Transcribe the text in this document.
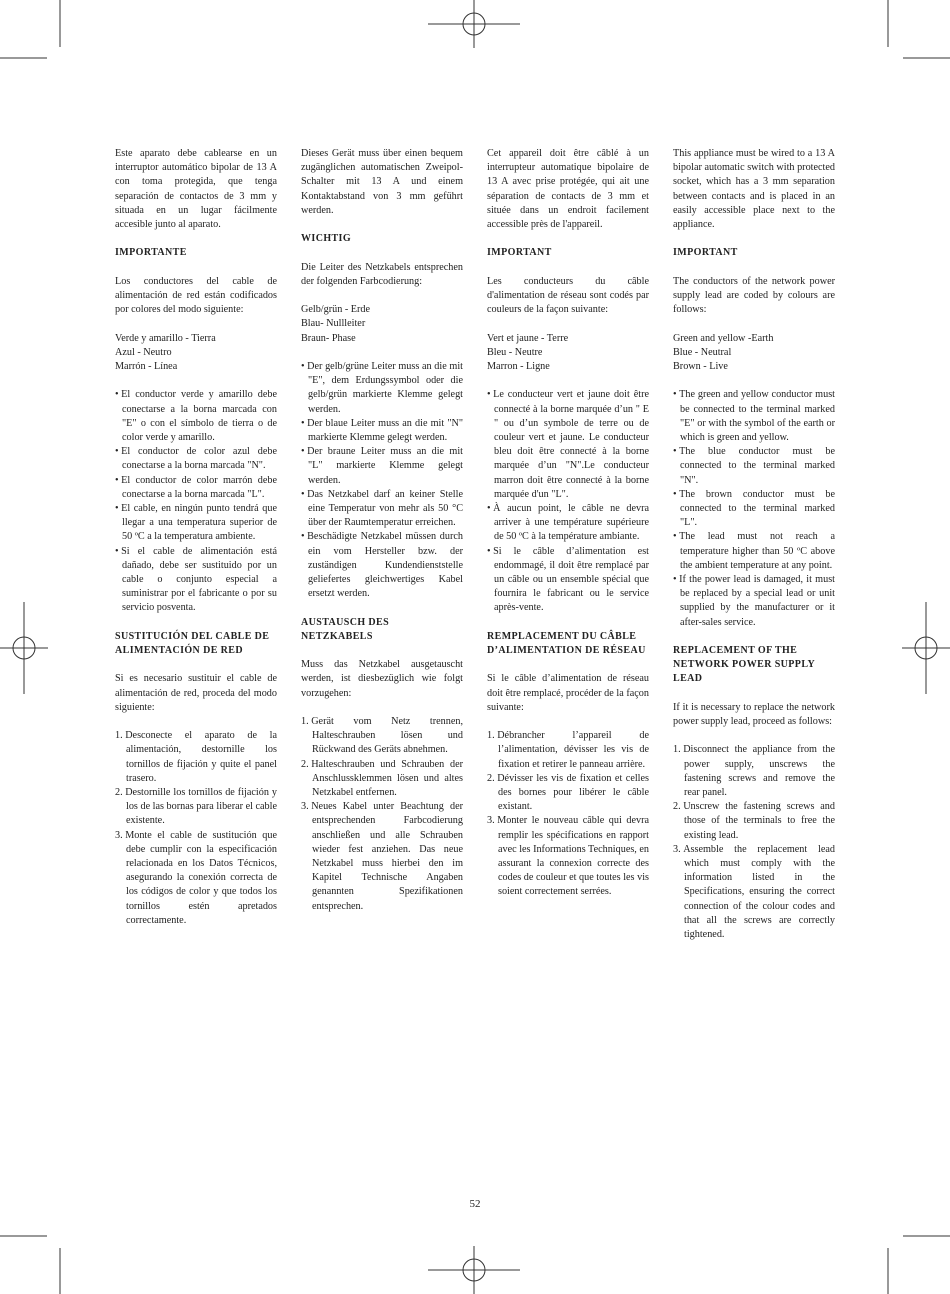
Este aparato debe cablearse en un interruptor automático bipolar de 13 A con toma protegida, que tenga separación de contactos de 3 mm y situada en un lugar fácilmente accesible junto al aparato.

IMPORTANTE

Los conductores del cable de alimentación de red están codificados por colores del modo siguiente:

Verde y amarillo - Tierra

Azul - Neutro

Marrón - Línea

• El conductor verde y amarillo debe conectarse a la borna marcada con "E" o con el símbolo de tierra o de color verde y amarillo.
• El conductor de color azul debe conectarse a la borna marcada "N".
• El conductor de color marrón debe conectarse a la borna marcada "L".
• El cable, en ningún punto tendrá que llegar a una temperatura superior de 50 ºC a la temperatura ambiente.
• Si el cable de alimentación está dañado, debe ser sustituido por un cable o conjunto especial a suministrar por el fabricante o por su servicio posventa.
SUSTITUCIÓN DEL CABLE DE ALIMENTACIÓN DE RED

Si es necesario sustituir el cable de alimentación de red, proceda del modo siguiente:

1. Desconecte el aparato de la alimentación, destornille los tornillos de fijación y quite el panel trasero.
2. Destornille los tornillos de fijación y los de las bornas para liberar el cable existente.
3. Monte el cable de sustitución que debe cumplir con la especificación relacionada en los Datos Técnicos, asegurando la conexión correcta de los códigos de color y que todos los tornillos estén apretados correctamente.

Dieses Gerät muss über einen bequem zugänglichen automatischen Zweipol-Schalter mit 13 A und einem Kontaktabstand von 3 mm geführt werden.

WICHTIG

Die Leiter des Netzkabels entsprechen der folgenden Farbcodierung:

Gelb/grün - Erde

Blau- Nullleiter

Braun- Phase

• Der gelb/grüne Leiter muss an die mit "E", dem Erdungssymbol oder die gelb/grün markierte Klemme gelegt werden.
• Der blaue Leiter muss an die mit "N" markierte Klemme gelegt werden.
• Der braune Leiter muss an die mit "L" markierte Klemme gelegt werden.
• Das Netzkabel darf an keiner Stelle eine Temperatur von mehr als 50 °C über der Raumtemperatur erreichen.
• Beschädigte Netzkabel müssen durch ein vom Hersteller bzw. der zuständigen Kundendienststelle geliefertes gleichwertiges Kabel ersetzt werden.
AUSTAUSCH DES NETZKABELS

Muss das Netzkabel ausgetauscht werden, ist diesbezüglich wie folgt vorzugehen:

1. Gerät vom Netz trennen, Halteschrauben lösen und Rückwand des Geräts abnehmen.
2. Halteschrauben und Schrauben der Anschlussklemmen lösen und altes Netzkabel entfernen.
3. Neues Kabel unter Beachtung der entsprechenden Farbcodierung anschließen und alle Schrauben wieder fest anziehen. Das neue Netzkabel muss hierbei den im Kapitel Technische Angaben genannten Spezifikationen entsprechen.

Cet appareil doit être câblé à un interrupteur automatique bipolaire de 13 A avec prise protégée, qui ait une séparation de contacts de 3 mm et située dans un endroit facilement accessible près de l'appareil.

IMPORTANT

Les conducteurs du câble d'alimentation de réseau sont codés par couleurs de la façon suivante:

Vert et jaune - Terre

Bleu - Neutre

Marron - Ligne

• Le conducteur vert et jaune doit être connecté à la borne marquée d’un " E " ou d’un symbole de terre ou de couleur vert et jaune. Le conducteur bleu doit être connecté à la borne marquée d’un "N".Le conducteur marron doit être connecté à la borne marquée d'un "L".
• À aucun point, le câble ne devra arriver à une température supérieure de 50 ºC à la température ambiante.
• Si le câble d’alimentation est endommagé, il doit être remplacé par un câble ou un ensemble spécial que fournira le fabricant ou le service après-vente.
REMPLACEMENT DU CÂBLE D’ALIMENTATION DE RÉSEAU

Si le câble d’alimentation de réseau doit être remplacé, procéder de la façon suivante:

1. Débrancher l’appareil de l’alimentation, dévisser les vis de fixation et retirer le panneau arrière.
2. Dévisser les vis de fixation et celles des bornes pour libérer le câble existant.
3. Monter le nouveau câble qui devra remplir les spécifications en rapport avec les Informations Techniques, en assurant la connexion correcte des codes de couleur et que toutes les vis soient correctement serrées.

This appliance must be wired to a 13 A bipolar automatic switch with protected socket, which has a 3 mm separation between contacts and is placed in an easily accessible place next to the appliance.

IMPORTANT

The conductors of the network power supply lead are coded by colours are follows:

Green and yellow -Earth

Blue - Neutral

Brown - Live

• The green and yellow conductor must be connected to the terminal marked "E" or with the symbol of the earth or which is green and yellow.
• The blue conductor must be connected to the terminal marked "N".
• The brown conductor must be connected to the terminal marked "L".
• The lead must not reach a temperature higher than 50 ºC above the ambient temperature at any point.
• If the power lead is damaged, it must be replaced by a special lead or unit supplied by the manufacturer or it after-sales service.
REPLACEMENT OF THE NETWORK POWER SUPPLY LEAD

If it is necessary to replace the network power supply lead, proceed as follows:

1. Disconnect the appliance from the power supply, unscrews the fastening screws and remove the rear panel.
2. Unscrew the fastening screws and those of the terminals to free the existing lead.
3. Assemble the replacement lead which must comply with the information listed in the Specifications, ensuring the correct connection of the colour codes and that all the screws are correctly tightened.
52
